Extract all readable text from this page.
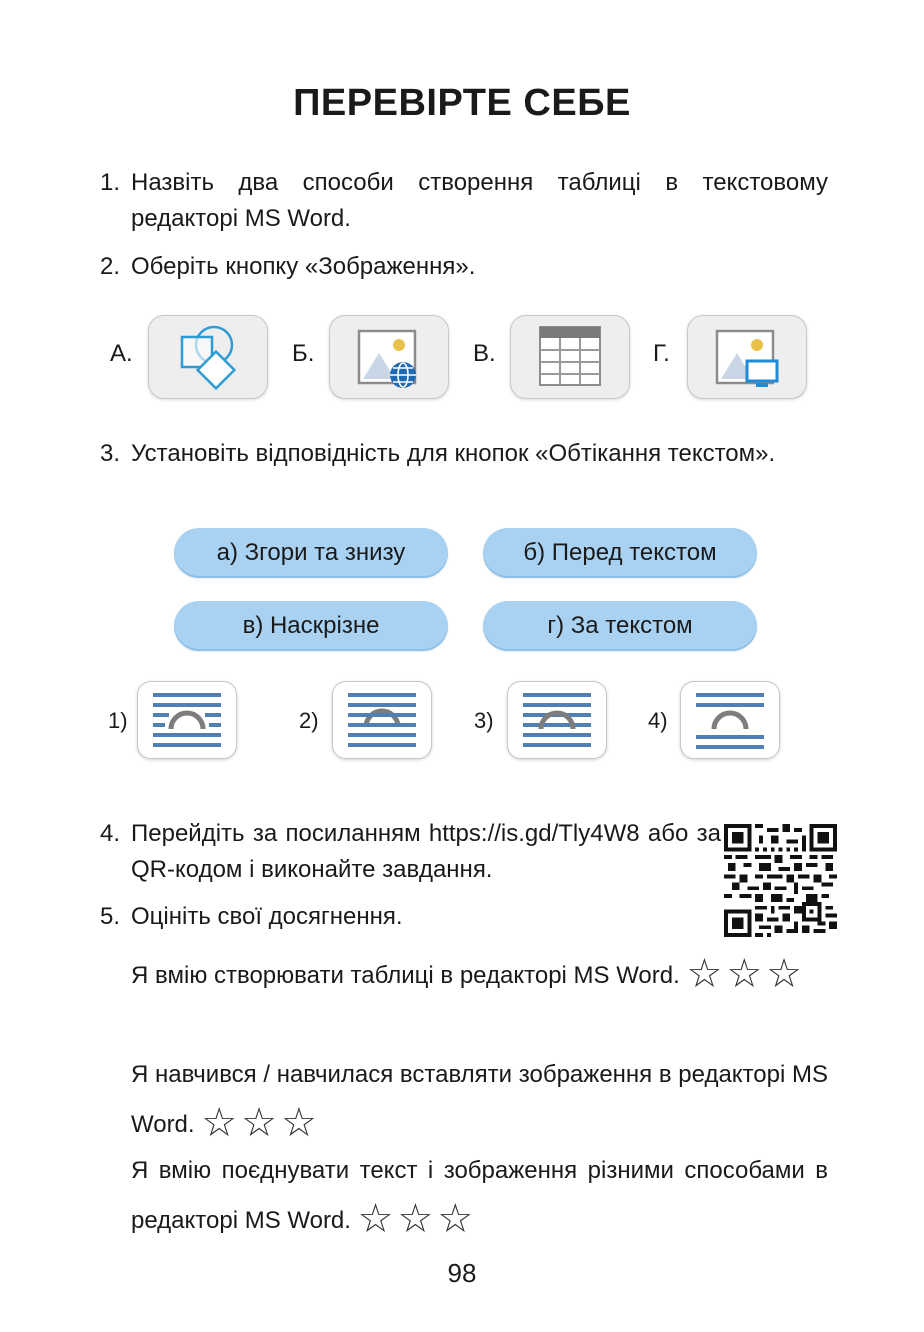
ПЕРЕВІРТЕ СЕБЕ
1. Назвіть два способи створення таблиці в текстовому редакторі MS Word.
2. Оберіть кнопку «Зображення».
А.	Б.	В.	Г.
3. Установіть відповідність для кнопок «Обтікання текстом».
а) Згори та знизу	б) Перед текстом
в) Наскрізне	г) За текстом
1)	2)	3)	4)
4. Перейдіть за посиланням https://is.gd/Tly4W8 або за QR-кодом і виконайте завдання.
5. Оцініть свої досягнення.
Я вмію створювати таблиці в редакторі MS Word. ☆☆☆
Я навчився / навчилася вставляти зображення в редакторі MS Word. ☆☆☆
Я вмію поєднувати текст і зображення різними способами в редакторі MS Word. ☆☆☆
98
